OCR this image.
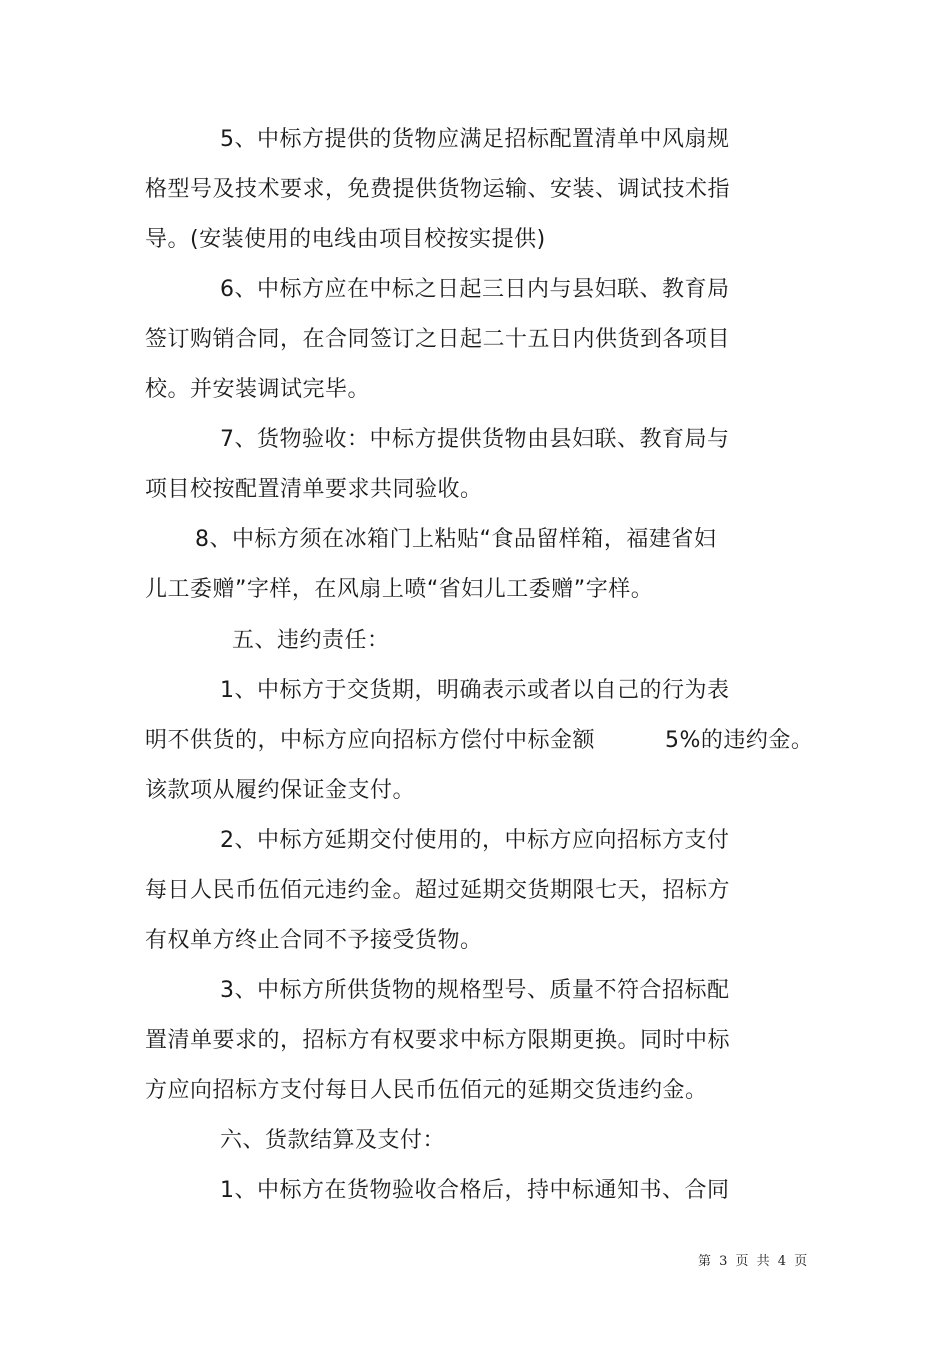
5、中标方提供的货物应满足招标配置清单中风扇规
格型号及技术要求，免费提供货物运输、安装、调试技术指
导。(安装使用的电线由项目校按实提供)
6、中标方应在中标之日起三日内与县妇联、教育局
签订购销合同，在合同签订之日起二十五日内供货到各项目
校。并安装调试完毕。
7、货物验收：中标方提供货物由县妇联、教育局与
项目校按配置清单要求共同验收。
8、中标方须在冰箱门上粘贴“食品留样箱，福建省妇
儿工委赠”字样，在风扇上喷“省妇儿工委赠”字样。
五、违约责任：
1、中标方于交货期，明确表示或者以自己的行为表
明不供货的，中标方应向招标方偿付中标金额	5%的违约金。
该款项从履约保证金支付。
2、中标方延期交付使用的，中标方应向招标方支付
每日人民币伍佰元违约金。超过延期交货期限七天，招标方
有权单方终止合同不予接受货物。
3、中标方所供货物的规格型号、质量不符合招标配
置清单要求的，招标方有权要求中标方限期更换。同时中标
方应向招标方支付每日人民币伍佰元的延期交货违约金。
六、货款结算及支付：
1、中标方在货物验收合格后，持中标通知书、合同
第 3 页 共 4 页
